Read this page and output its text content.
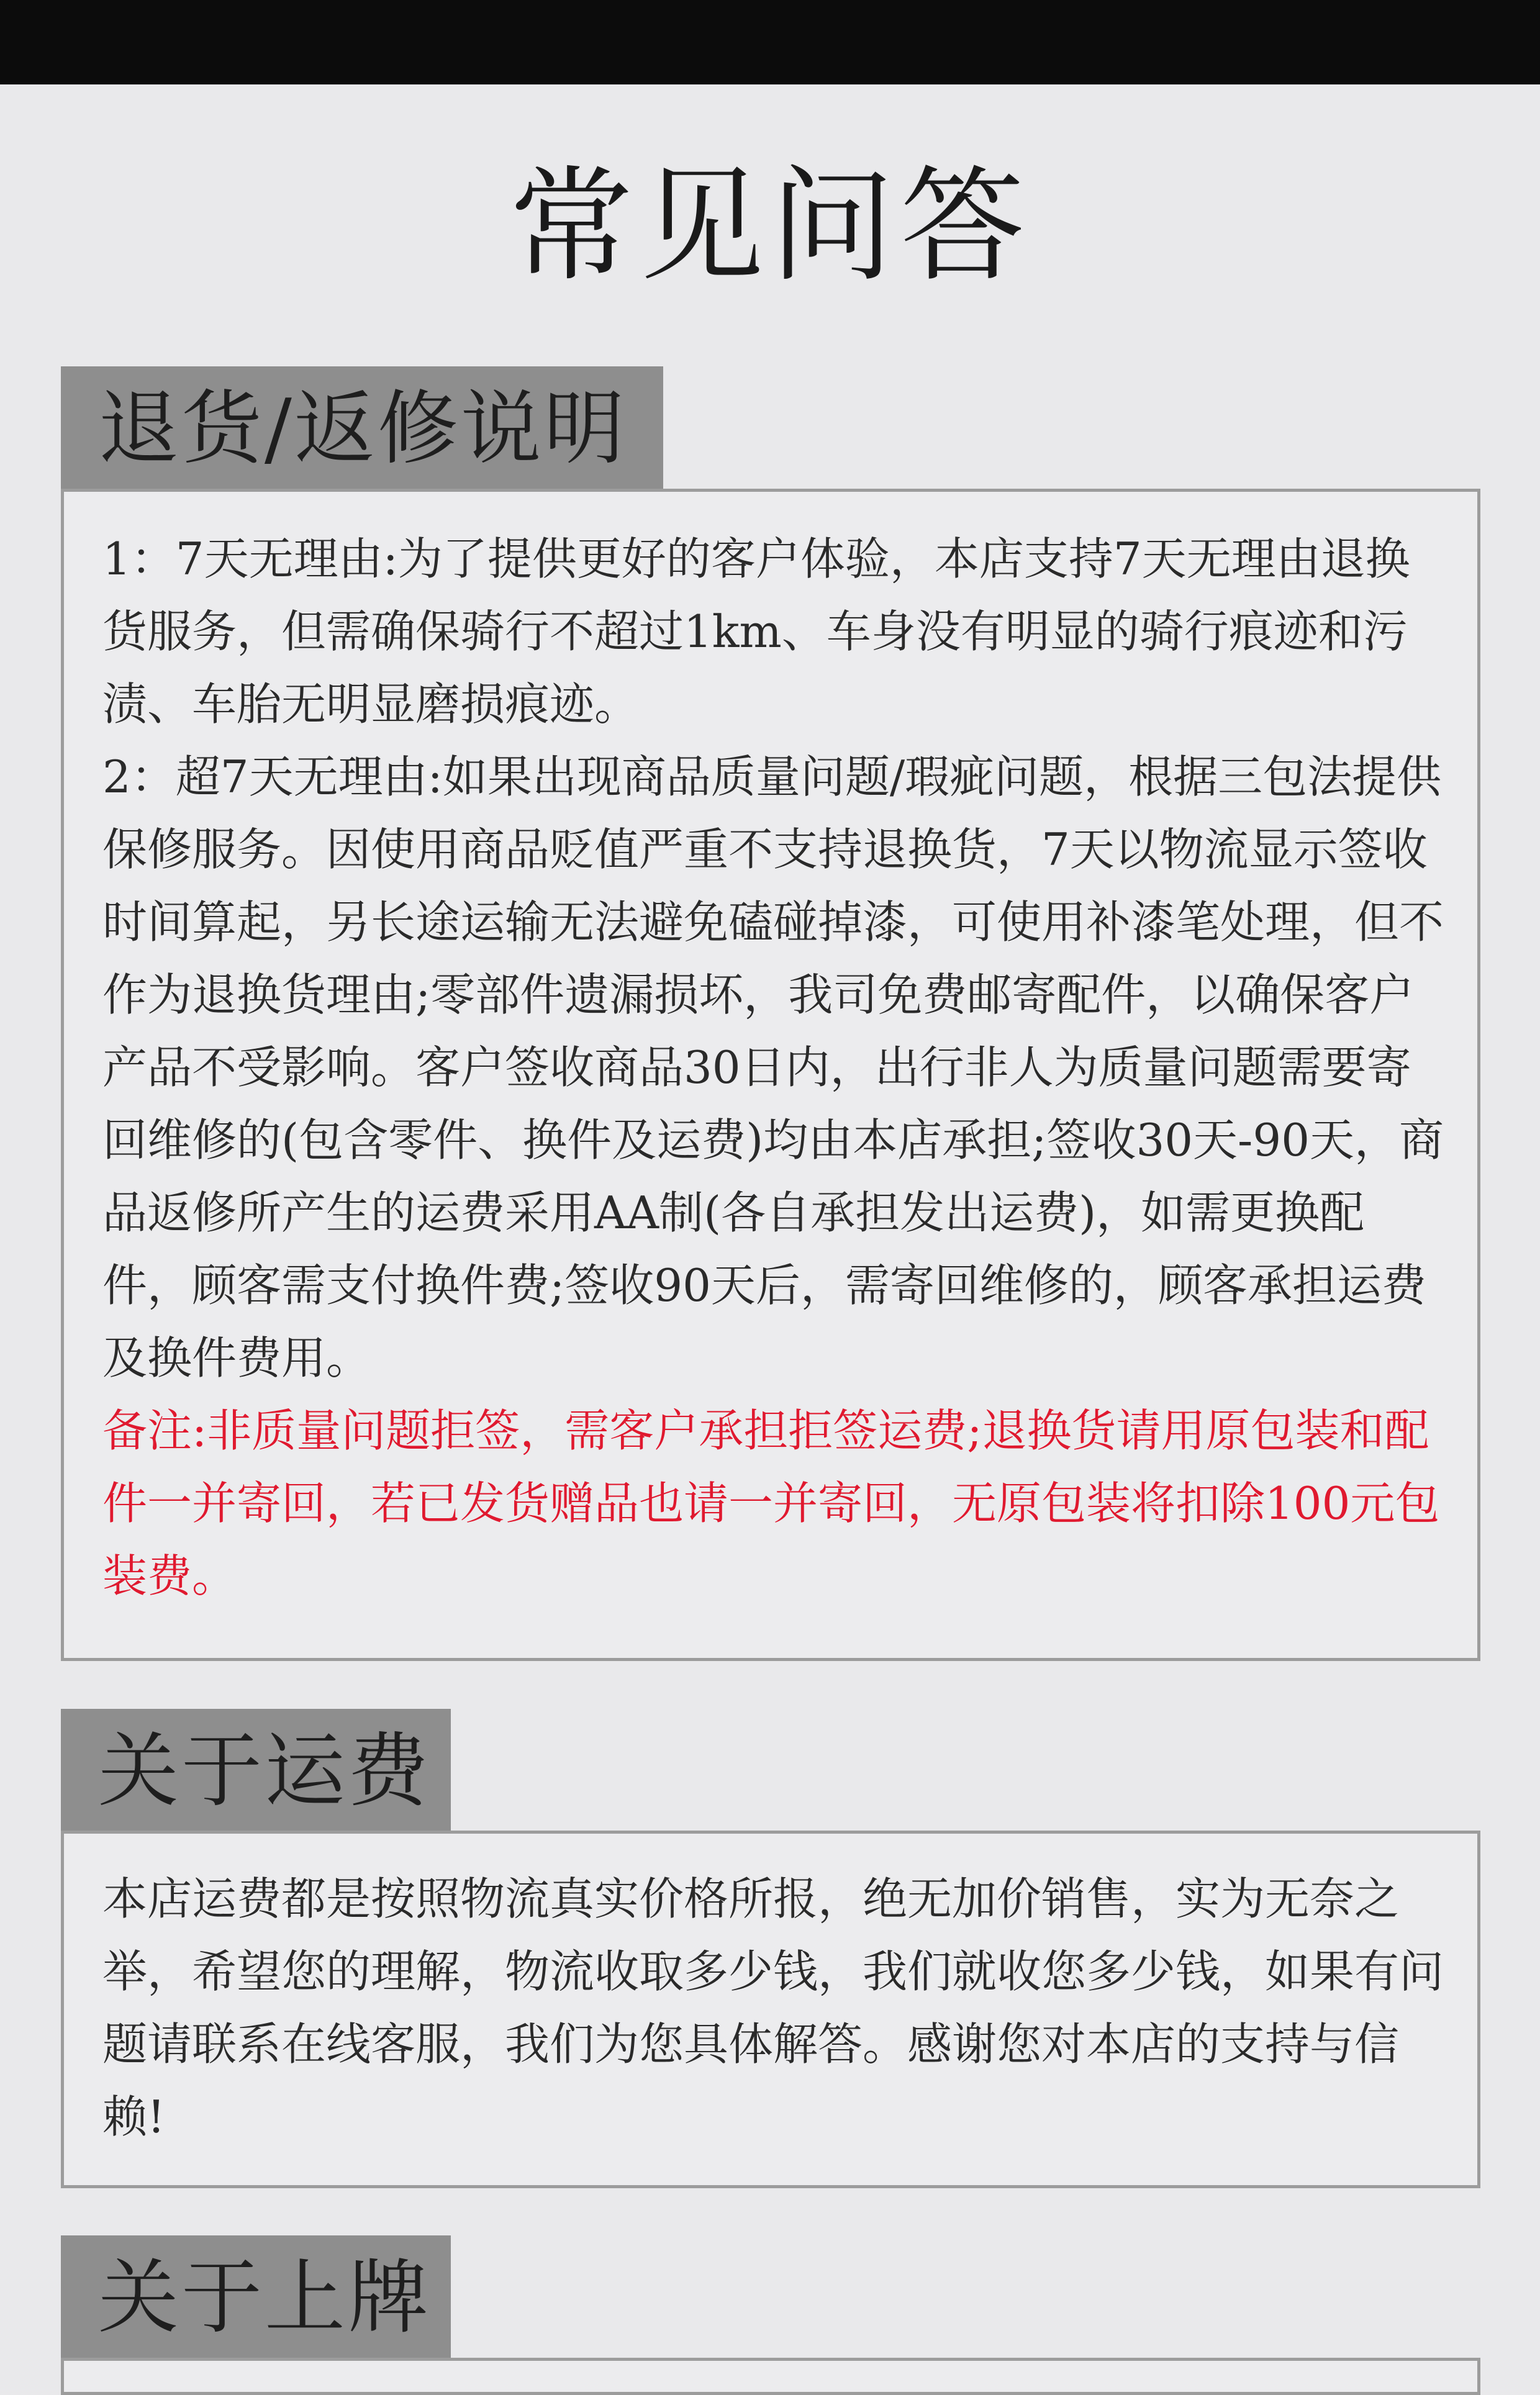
常见问答
退货/返修说明

1：7天无理由:为了提供更好的客户体验，本店支持7天无理由退换货服务，但需确保骑行不超过1km、车身没有明显的骑行痕迹和污渍、车胎无明显磨损痕迹。

2：超7天无理由:如果出现商品质量问题/瑕疵问题，根据三包法提供保修服务。因使用商品贬值严重不支持退换货，7天以物流显示签收时间算起，另长途运输无法避免磕碰掉漆，可使用补漆笔处理，但不作为退换货理由;零部件遗漏损坏，我司免费邮寄配件，以确保客户产品不受影响。客户签收商品30日内，出行非人为质量问题需要寄回维修的(包含零件、换件及运费)均由本店承担;签收30天-90天，商品返修所产生的运费采用AA制(各自承担发出运费)，如需更换配件，顾客需支付换件费;签收90天后，需寄回维修的，顾客承担运费及换件费用。

备注:非质量问题拒签，需客户承担拒签运费;退换货请用原包装和配件一并寄回，若已发货赠品也请一并寄回，无原包装将扣除100元包装费。

关于运费

本店运费都是按照物流真实价格所报，绝无加价销售，实为无奈之举，希望您的理解，物流收取多少钱，我们就收您多少钱，如果有问题请联系在线客服，我们为您具体解答。感谢您对本店的支持与信赖!

关于上牌
